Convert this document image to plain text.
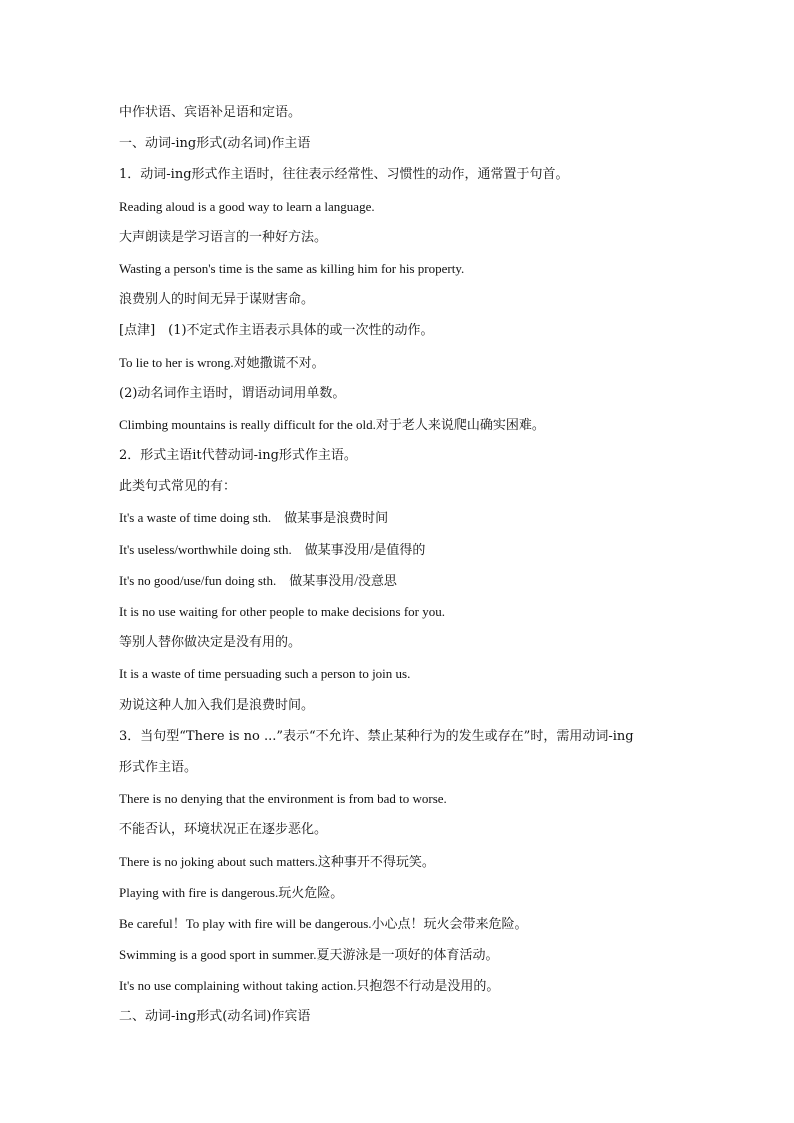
中作状语、宾语补足语和定语。
一、动词-ing形式(动名词)作主语
1．动词-ing形式作主语时，往往表示经常性、习惯性的动作，通常置于句首。
Reading aloud is a good way to learn a language.
大声朗读是学习语言的一种好方法。
Wasting a person's time is the same as killing him for his property.
浪费别人的时间无异于谋财害命。
[点津]　(1)不定式作主语表示具体的或一次性的动作。
To lie to her is wrong.对她撒谎不对。
(2)动名词作主语时，谓语动词用单数。
Climbing mountains is really difficult for the old.对于老人来说爬山确实困难。
2．形式主语it代替动词-ing形式作主语。
此类句式常见的有：
It's a waste of time doing sth.　做某事是浪费时间
It's useless/worthwhile doing sth.　做某事没用/是值得的
It's no good/use/fun doing sth.　做某事没用/没意思
It is no use waiting for other people to make decisions for you.
等别人替你做决定是没有用的。
It is a waste of time persuading such a person to join us.
劝说这种人加入我们是浪费时间。
3．当句型“There is no ...”表示“不允许、禁止某种行为的发生或存在”时，需用动词-ing
形式作主语。
There is no denying that the environment is from bad to worse.
不能否认，环境状况正在逐步恶化。
There is no joking about such matters.这种事开不得玩笑。
Playing with fire is dangerous.玩火危险。
Be careful！To play with fire will be dangerous.小心点！玩火会带来危险。
Swimming is a good sport in summer.夏天游泳是一项好的体育活动。
It's no use complaining without taking action.只抱怨不行动是没用的。
二、动词-ing形式(动名词)作宾语
